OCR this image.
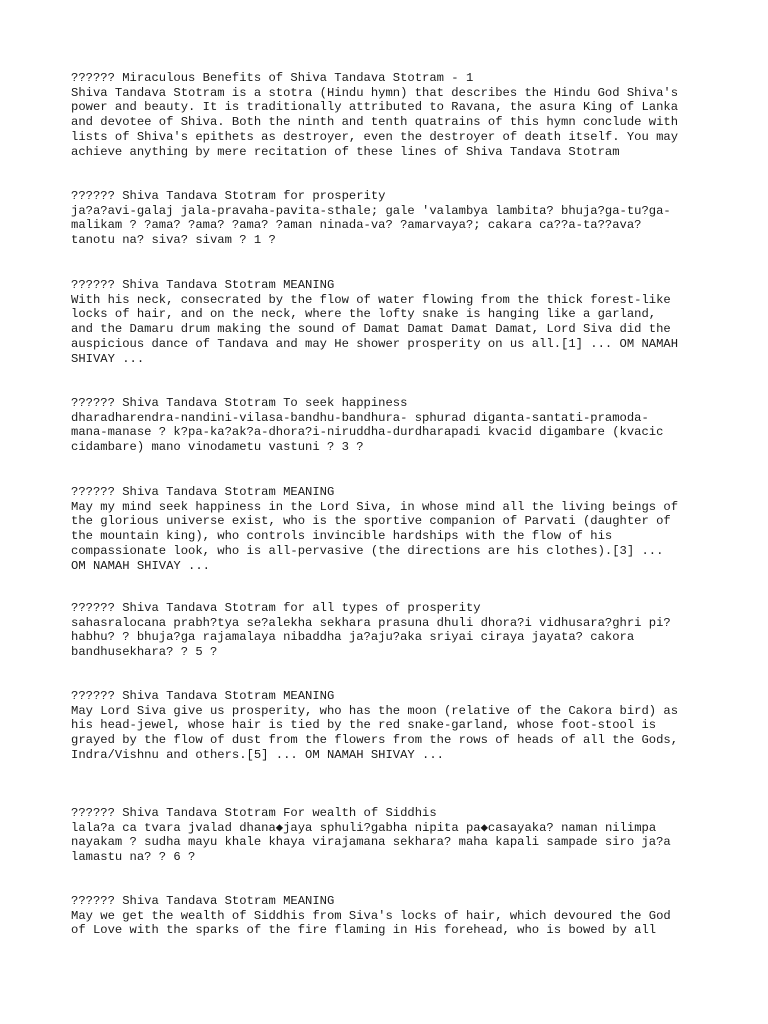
?????? Miraculous Benefits of Shiva Tandava Stotram - 1
Shiva Tandava Stotram is a stotra (Hindu hymn) that describes the Hindu God Shiva's
power and beauty. It is traditionally attributed to Ravana, the asura King of Lanka
and devotee of Shiva. Both the ninth and tenth quatrains of this hymn conclude with
lists of Shiva's epithets as destroyer, even the destroyer of death itself. You may
achieve anything by mere recitation of these lines of Shiva Tandava Stotram
?????? Shiva Tandava Stotram for prosperity
ja?a?avi-galaj jala-pravaha-pavita-sthale; gale 'valambya lambita? bhuja?ga-tu?ga-
malikam ? ?ama? ?ama? ?ama? ?aman ninada-va? ?amarvaya?; cakara ca??a-ta??ava?
tanotu na? siva? sivam ? 1 ?
?????? Shiva Tandava Stotram MEANING
With his neck, consecrated by the flow of water flowing from the thick forest-like
locks of hair, and on the neck, where the lofty snake is hanging like a garland,
and the Damaru drum making the sound of Damat Damat Damat Damat, Lord Siva did the
auspicious dance of Tandava and may He shower prosperity on us all.[1] ... OM NAMAH
SHIVAY ...
?????? Shiva Tandava Stotram To seek happiness
dharadharendra-nandini-vilasa-bandhu-bandhura- sphurad diganta-santati-pramoda-
mana-manase ? k?pa-ka?ak?a-dhora?i-niruddha-durdharapadi kvacid digambare (kvacic
cidambare) mano vinodametu vastuni ? 3 ?
?????? Shiva Tandava Stotram MEANING
May my mind seek happiness in the Lord Siva, in whose mind all the living beings of
the glorious universe exist, who is the sportive companion of Parvati (daughter of
the mountain king), who controls invincible hardships with the flow of his
compassionate look, who is all-pervasive (the directions are his clothes).[3] ...
OM NAMAH SHIVAY ...
?????? Shiva Tandava Stotram for all types of prosperity
sahasralocana prabh?tya se?alekha sekhara prasuna dhuli dhora?i vidhusara?ghri pi?
habhu? ? bhuja?ga rajamalaya nibaddha ja?aju?aka sriyai ciraya jayata? cakora
bandhusekhara? ? 5 ?
?????? Shiva Tandava Stotram MEANING
May Lord Siva give us prosperity, who has the moon (relative of the Cakora bird) as
his head-jewel, whose hair is tied by the red snake-garland, whose foot-stool is
grayed by the flow of dust from the flowers from the rows of heads of all the Gods,
Indra/Vishnu and others.[5] ... OM NAMAH SHIVAY ...
?????? Shiva Tandava Stotram For wealth of Siddhis
lala?a ca tvara jvalad dhana◆jaya sphuli?gabha nipita pa◆casayaka? naman nilimpa
nayakam ? sudha mayu khale khaya virajamana sekhara? maha kapali sampade siro ja?a
lamastu na? ? 6 ?
?????? Shiva Tandava Stotram MEANING
May we get the wealth of Siddhis from Siva's locks of hair, which devoured the God
of Love with the sparks of the fire flaming in His forehead, who is bowed by all
